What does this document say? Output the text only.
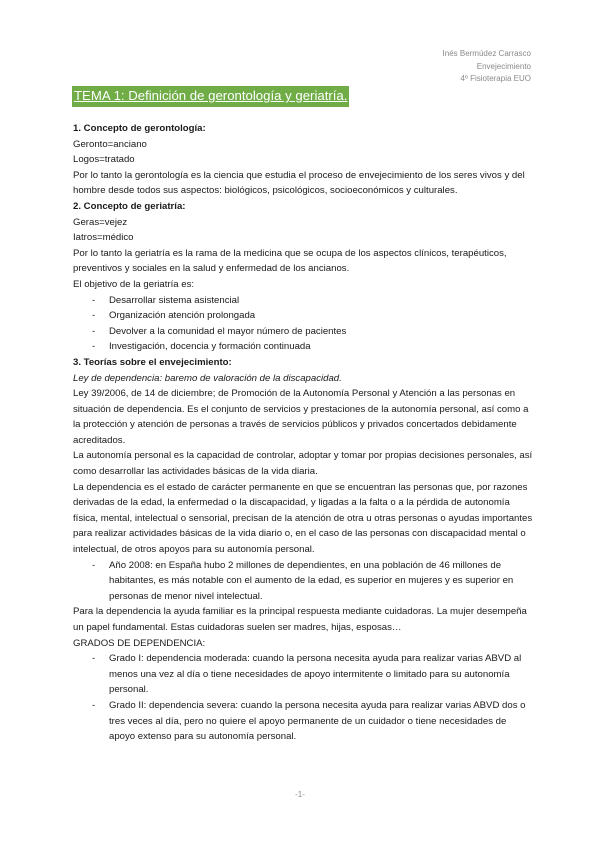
Inés Bermúdez Carrasco
Envejecimiento
4º Fisioterapia EUO
TEMA 1: Definición de gerontología y geriatría.

1. Concepto de gerontología:

Geronto=anciano

Logos=tratado

Por lo tanto la gerontología es la ciencia que estudia el proceso de envejecimiento de los seres vivos y del hombre desde todos sus aspectos: biológicos, psicológicos, socioeconómicos y culturales.

2. Concepto de geriatría:

Geras=vejez

Iatros=médico

Por lo tanto la geriatría es la rama de la medicina que se ocupa de los aspectos clínicos, terapéuticos, preventivos y sociales en la salud y enfermedad de los ancianos.

El objetivo de la geriatría es:

- Desarrollar sistema asistencial
- Organización atención prolongada
- Devolver a la comunidad el mayor número de pacientes
- Investigación, docencia y formación continuada

3. Teorías sobre el envejecimiento:

Ley de dependencia: baremo de valoración de la discapacidad.

Ley 39/2006, de 14 de diciembre; de Promoción de la Autonomía Personal y Atención a las personas en situación de dependencia. Es el conjunto de servicios y prestaciones de la autonomía personal, así como a la protección y atención de personas a través de servicios públicos y privados concertados debidamente acreditados.

La autonomía personal es la capacidad de controlar, adoptar y tomar por propias decisiones personales, así como desarrollar las actividades básicas de la vida diaria.

La dependencia es el estado de carácter permanente en que se encuentran las personas que, por razones derivadas de la edad, la enfermedad o la discapacidad, y ligadas a la falta o a la pérdida de autonomía física, mental, intelectual o sensorial, precisan de la atención de otra u otras personas o ayudas importantes para realizar actividades básicas de la vida diario o, en el caso de las personas con discapacidad mental o intelectual, de otros apoyos para su autonomía personal.

- Año 2008: en España hubo 2 millones de dependientes, en una población de 46 millones de habitantes, es más notable con el aumento de la edad, es superior en mujeres y es superior en personas de menor nivel intelectual.

Para la dependencia la ayuda familiar es la principal respuesta mediante cuidadoras. La mujer desempeña un papel fundamental. Estas cuidadoras suelen ser madres, hijas, esposas…

GRADOS DE DEPENDENCIA:

- Grado I: dependencia moderada: cuando la persona necesita ayuda para realizar varias ABVD al menos una vez al día o tiene necesidades de apoyo intermitente o limitado para su autonomía personal.
- Grado II: dependencia severa: cuando la persona necesita ayuda para realizar varias ABVD dos o tres veces al día, pero no quiere el apoyo permanente de un cuidador o tiene necesidades de apoyo extenso para su autonomía personal.
-1-
